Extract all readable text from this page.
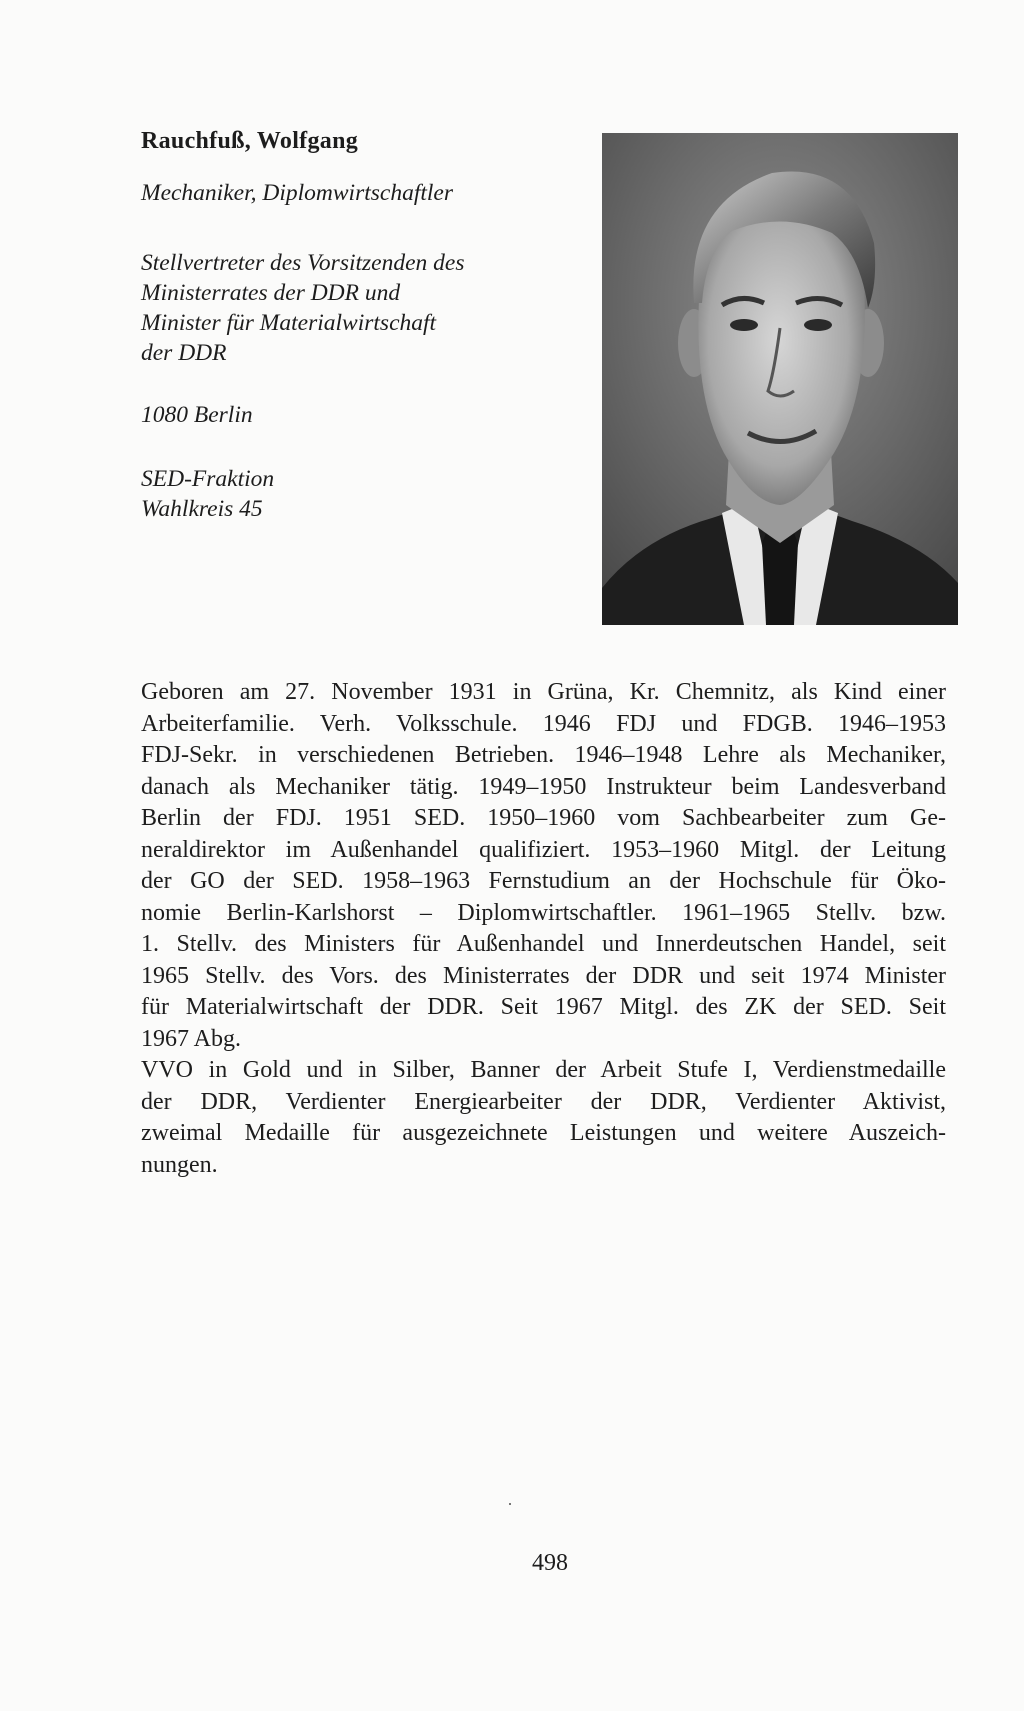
Rauchfuß, Wolfgang
Mechaniker, Diplomwirtschaftler
Stellvertreter des Vorsitzenden des
Ministerrates der DDR und
Minister für Materialwirtschaft
der DDR
1080 Berlin
SED-Fraktion
Wahlkreis 45
Geboren am 27. November 1931 in Grüna, Kr. Chemnitz, als Kind einer
Arbeiterfamilie. Verh. Volksschule. 1946 FDJ und FDGB. 1946–1953
FDJ-Sekr. in verschiedenen Betrieben. 1946–1948 Lehre als Mechaniker,
danach als Mechaniker tätig. 1949–1950 Instrukteur beim Landesverband
Berlin der FDJ. 1951 SED. 1950–1960 vom Sachbearbeiter zum Ge-
neraldirektor im Außenhandel qualifiziert. 1953–1960 Mitgl. der Leitung
der GO der SED. 1958–1963 Fernstudium an der Hochschule für Öko-
nomie Berlin-Karlshorst – Diplomwirtschaftler. 1961–1965 Stellv. bzw.
1. Stellv. des Ministers für Außenhandel und Innerdeutschen Handel, seit
1965 Stellv. des Vors. des Ministerrates der DDR und seit 1974 Minister
für Materialwirtschaft der DDR. Seit 1967 Mitgl. des ZK der SED. Seit
1967 Abg.
VVO in Gold und in Silber, Banner der Arbeit Stufe I, Verdienstmedaille
der DDR, Verdienter Energiearbeiter der DDR, Verdienter Aktivist,
zweimal Medaille für ausgezeichnete Leistungen und weitere Auszeich-
nungen.
498
